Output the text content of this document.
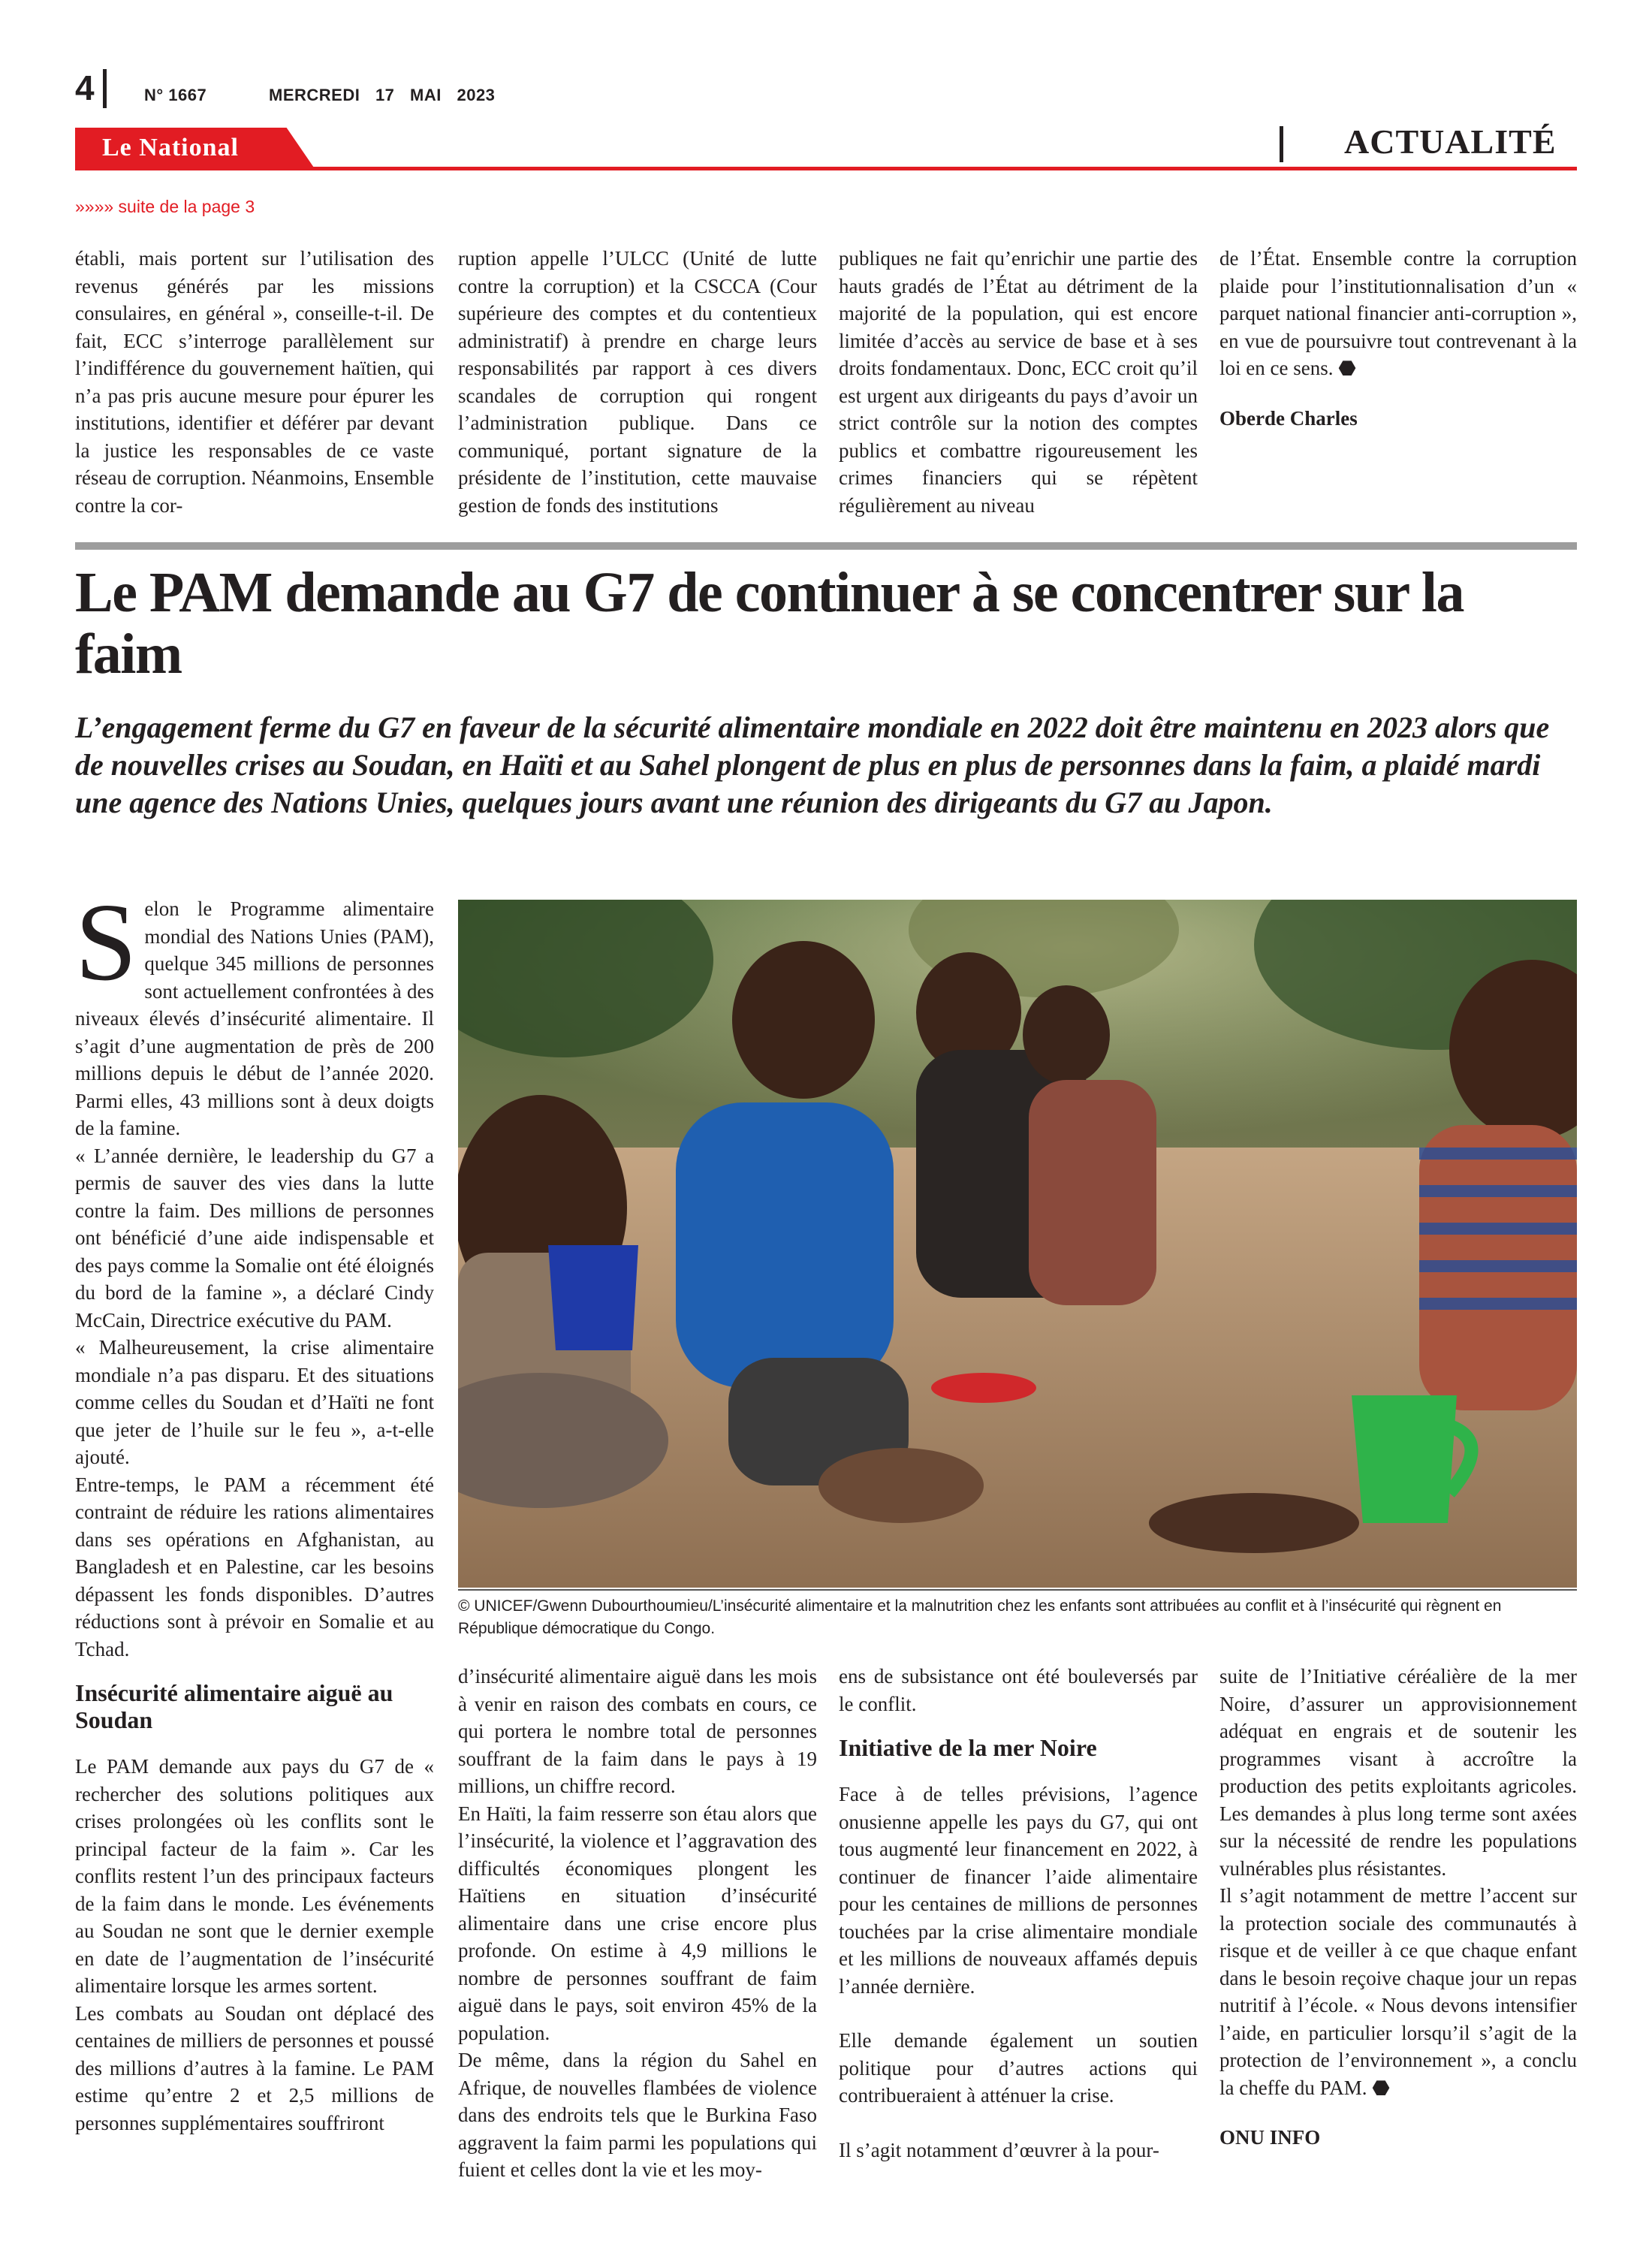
4	N° 1667	MERCREDI 17 MAI 2023
Le National	ACTUALITÉ
»»»» suite de la page 3

établi, mais portent sur l’utilisation des revenus générés par les missions consulaires, en général », conseille-t-il. De fait, ECC s’interroge parallèlement sur l’indifférence du gouvernement haïtien, qui n’a pas pris aucune mesure pour épurer les institutions, identifier et déférer par devant la justice les responsables de ce vaste réseau de corruption. Néanmoins, Ensemble contre la cor-

ruption appelle l’ULCC (Unité de lutte contre la corruption) et la CSCCA (Cour supérieure des comptes et du contentieux administratif) à prendre en charge leurs responsabilités par rapport à ces divers scandales de corruption qui rongent l’administration publique. Dans ce communiqué, portant signature de la présidente de l’institution, cette mauvaise gestion de fonds des institutions

publiques ne fait qu’enrichir une partie des hauts gradés de l’État au détriment de la majorité de la population, qui est encore limitée d’accès au service de base et à ses droits fondamentaux. Donc, ECC croit qu’il est urgent aux dirigeants du pays d’avoir un strict contrôle sur la notion des comptes publics et combattre rigoureusement les crimes financiers qui se répètent régulièrement au niveau

de l’État. Ensemble contre la corruption plaide pour l’institutionnalisation d’un « parquet national financier anti-corruption », en vue de poursuivre tout contrevenant à la loi en ce sens. ⬣

Oberde Charles

Le PAM demande au G7 de continuer à se concentrer sur la faim

L’engagement ferme du G7 en faveur de la sécurité alimentaire mondiale en 2022 doit être maintenu en 2023 alors que de nouvelles crises au Soudan, en Haïti et au Sahel plongent de plus en plus de personnes dans la faim, a plaidé mardi une agence des Nations Unies, quelques jours avant une réunion des dirigeants du G7 au Japon.

Selon le Programme alimentaire mondial des Nations Unies (PAM), quelque 345 millions de personnes sont actuellement confrontées à des niveaux élevés d’insécurité alimentaire. Il s’agit d’une augmentation de près de 200 millions depuis le début de l’année 2020. Parmi elles, 43 millions sont à deux doigts de la famine.

« L’année dernière, le leadership du G7 a permis de sauver des vies dans la lutte contre la faim. Des millions de personnes ont bénéficié d’une aide indispensable et des pays comme la Somalie ont été éloignés du bord de la famine », a déclaré Cindy McCain, Directrice exécutive du PAM.

« Malheureusement, la crise alimentaire mondiale n’a pas disparu. Et des situations comme celles du Soudan et d’Haïti ne font que jeter de l’huile sur le feu », a-t-elle ajouté.

Entre-temps, le PAM a récemment été contraint de réduire les rations alimentaires dans ses opérations en Afghanistan, au Bangladesh et en Palestine, car les besoins dépassent les fonds disponibles. D’autres réductions sont à prévoir en Somalie et au Tchad.

Insécurité alimentaire aiguë au Soudan

Le PAM demande aux pays du G7 de « rechercher des solutions politiques aux crises prolongées où les conflits sont le principal facteur de la faim ». Car les conflits restent l’un des principaux facteurs de la faim dans le monde. Les événements au Soudan ne sont que le dernier exemple en date de l’augmentation de l’insécurité alimentaire lorsque les armes sortent.

Les combats au Soudan ont déplacé des centaines de milliers de personnes et poussé des millions d’autres à la famine. Le PAM estime qu’entre 2 et 2,5 millions de personnes supplémentaires souffriront

© UNICEF/Gwenn Dubourthoumieu/L’insécurité alimentaire et la malnutrition chez les enfants sont attribuées au conflit et à l’insécurité qui règnent en République démocratique du Congo.

d’insécurité alimentaire aiguë dans les mois à venir en raison des combats en cours, ce qui portera le nombre total de personnes souffrant de la faim dans le pays à 19 millions, un chiffre record.

En Haïti, la faim resserre son étau alors que l’insécurité, la violence et l’aggravation des difficultés économiques plongent les Haïtiens en situation d’insécurité alimentaire dans une crise encore plus profonde. On estime à 4,9 millions le nombre de personnes souffrant de faim aiguë dans le pays, soit environ 45% de la population.

De même, dans la région du Sahel en Afrique, de nouvelles flambées de violence dans des endroits tels que le Burkina Faso aggravent la faim parmi les populations qui fuient et celles dont la vie et les moy-

ens de subsistance ont été bouleversés par le conflit.

Initiative de la mer Noire

Face à de telles prévisions, l’agence onusienne appelle les pays du G7, qui ont tous augmenté leur financement en 2022, à continuer de financer l’aide alimentaire pour les centaines de millions de personnes touchées par la crise alimentaire mondiale et les millions de nouveaux affamés depuis l’année dernière.

Elle demande également un soutien politique pour d’autres actions qui contribueraient à atténuer la crise.

Il s’agit notamment d’œuvrer à la pour-

suite de l’Initiative céréalière de la mer Noire, d’assurer un approvisionnement adéquat en engrais et de soutenir les programmes visant à accroître la production des petits exploitants agricoles. Les demandes à plus long terme sont axées sur la nécessité de rendre les populations vulnérables plus résistantes.

Il s’agit notamment de mettre l’accent sur la protection sociale des communautés à risque et de veiller à ce que chaque enfant dans le besoin reçoive chaque jour un repas nutritif à l’école. « Nous devons intensifier l’aide, en particulier lorsqu’il s’agit de la protection de l’environnement », a conclu la cheffe du PAM. ⬣

ONU INFO
